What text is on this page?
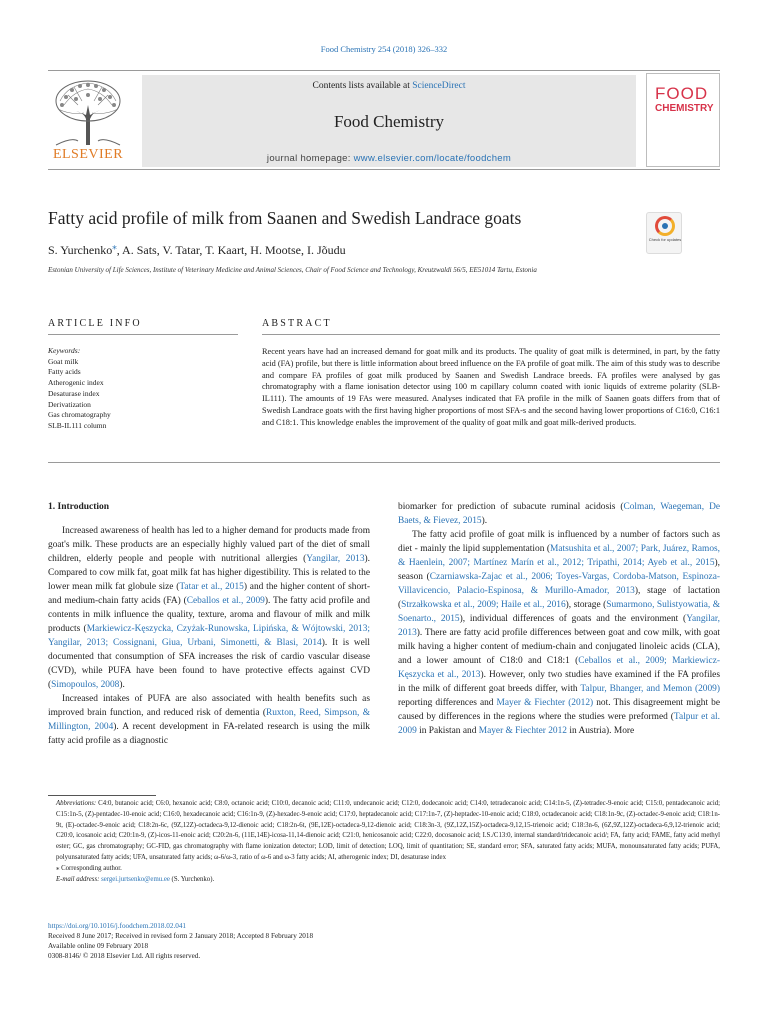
Food Chemistry 254 (2018) 326–332
ELSEVIER
Contents lists available at ScienceDirect
Food Chemistry
journal homepage: www.elsevier.com/locate/foodchem
FOOD
CHEMISTRY
Fatty acid profile of milk from Saanen and Swedish Landrace goats
Check for updates
S. Yurchenko⁎, A. Sats, V. Tatar, T. Kaart, H. Mootse, I. Jõudu
Estonian University of Life Sciences, Institute of Veterinary Medicine and Animal Sciences, Chair of Food Science and Technology, Kreutzwaldi 56/5, EE51014 Tartu, Estonia
ARTICLE INFO	ABSTRACT
Keywords:
Goat milk
Fatty acids
Atherogenic index
Desaturase index
Derivatization
Gas chromatography
SLB-IL111 column
Recent years have had an increased demand for goat milk and its products. The quality of goat milk is determined, in part, by the fatty acid (FA) profile, but there is little information about breed influence on the FA profile of goat milk. The aim of this study was to describe and compare FA profiles of goat milk produced by Saanen and Swedish Landrace breeds. FA profiles were analysed by gas chromatography with a flame ionisation detector using 100 m capillary column coated with ionic liquids of extreme polarity (SLB-IL111). The amounts of 19 FAs were measured. Analyses indicated that FA profile in the milk of Saanen goats differs from that of Swedish Landrace goats with the first having higher proportions of most SFA-s and the second having lower proportions of C16:0, C16:1 and C18:1. This knowledge enables the improvement of the quality of goat milk and goat milk-derived products.

1. Introduction

Increased awareness of health has led to a higher demand for products made from goat's milk. These products are an especially highly valued part of the diet of small children, elderly people and people with nutritional allergies (Yangilar, 2013). Compared to cow milk fat, goat milk fat has higher digestibility. This is related to the lower mean milk fat globule size (Tatar et al., 2015) and the higher content of short- and medium-chain fatty acids (FA) (Ceballos et al., 2009). The fatty acid profile and contents in milk influence the quality, texture, aroma and flavour of milk and milk products (Markiewicz-Kęszycka, Czyżak-Runowska, Lipińska, & Wójtowski, 2013; Yangilar, 2013; Cossignani, Giua, Urbani, Simonetti, & Blasi, 2014). It is well documented that consumption of SFA increases the risk of cardio vascular disease (CVD), while PUFA have been found to have protective effects against CVD (Simopoulos, 2008).

Increased intakes of PUFA are also associated with health benefits such as improved brain function, and reduced risk of dementia (Ruxton, Reed, Simpson, & Millington, 2004). A recent development in FA-related research is using the milk fatty acid profile as a diagnostic

biomarker for prediction of subacute ruminal acidosis (Colman, Waegeman, De Baets, & Fievez, 2015).

The fatty acid profile of goat milk is influenced by a number of factors such as diet - mainly the lipid supplementation (Matsushita et al., 2007; Park, Juárez, Ramos, & Haenlein, 2007; Martínez Marín et al., 2012; Tripathi, 2014; Ayeb et al., 2015), season (Czarniawska-Zajac et al., 2006; Toyes-Vargas, Cordoba-Matson, Espinoza-Villavicencio, Palacio-Espinosa, & Murillo-Amador, 2013), stage of lactation (Strzałkowska et al., 2009; Haile et al., 2016), storage (Sumarmono, Sulistyowatia, & Soenarto., 2015), individual differences of goats and the environment (Yangilar, 2013). There are fatty acid profile differences between goat and cow milk, with goat milk having a higher content of medium-chain and conjugated linoleic acids (CLA), and a lower amount of C18:0 and C18:1 (Ceballos et al., 2009; Markiewicz-Kęszycka et al., 2013). However, only two studies have examined if the FA profiles in the milk of different goat breeds differ, with Talpur, Bhanger, and Memon (2009) reporting differences and Mayer & Fiechter (2012) not. This disagreement might be caused by differences in the regions where the studies were preformed (Talpur et al. 2009 in Pakistan and Mayer & Fiechter 2012 in Austria). More

Abbreviations: C4:0, butanoic acid; C6:0, hexanoic acid; C8:0, octanoic acid; C10:0, decanoic acid; C11:0, undecanoic acid; C12:0, dodecanoic acid; C14:0, tetradecanoic acid; C14:1n-5, (Z)-tetradec-9-enoic acid; C15:0, pentadecanoic acid; C15:1n-5, (Z)-pentadec-10-enoic acid; C16:0, hexadecanoic acid; C16:1n-9, (Z)-hexadec-9-enoic acid; C17:0, heptadecanoic acid; C17:1n-7, (Z)-heptadec-10-enoic acid; C18:0, octadecanoic acid; C18:1n-9c, (Z)-octadec-9-enoic acid; C18:1n-9t, (E)-octadec-9-enoic acid; C18:2n-6c, (9Z,12Z)-octadeca-9,12-dienoic acid; C18:2n-6t, (9E,12E)-octadeca-9,12-dienoic acid; C18:3n-3, (9Z,12Z,15Z)-octadeca-9,12,15-trienoic acid; C18:3n-6, (6Z,9Z,12Z)-octadeca-6,9,12-trienoic acid; C20:0, icosanoic acid; C20:1n-9, (Z)-icos-11-enoic acid; C20:2n-6, (11E,14E)-icosa-11,14-dienoic acid; C21:0, henicosanoic acid; C22:0, docosanoic acid; I.S./C13:0, internal standard/tridecanoic acid/; FA, fatty acid; FAME, fatty acid methyl ester; GC, gas chromatography; GC-FID, gas chromatography with flame ionization detector; LOD, limit of detection; LOQ, limit of quantitation; SE, standard error; SFA, saturated fatty acids; MUFA, monounsaturated fatty acids; PUFA, polyunsaturated fatty acids; UFA, unsaturated fatty acids; ω-6/ω-3, ratio of ω-6 and ω-3 fatty acids; AI, atherogenic index; DI, desaturase index
⁎ Corresponding author.
E-mail address: sergei.jurtsenko@emu.ee (S. Yurchenko).
https://doi.org/10.1016/j.foodchem.2018.02.041
Received 8 June 2017; Received in revised form 2 January 2018; Accepted 8 February 2018
Available online 09 February 2018
0308-8146/ © 2018 Elsevier Ltd. All rights reserved.
